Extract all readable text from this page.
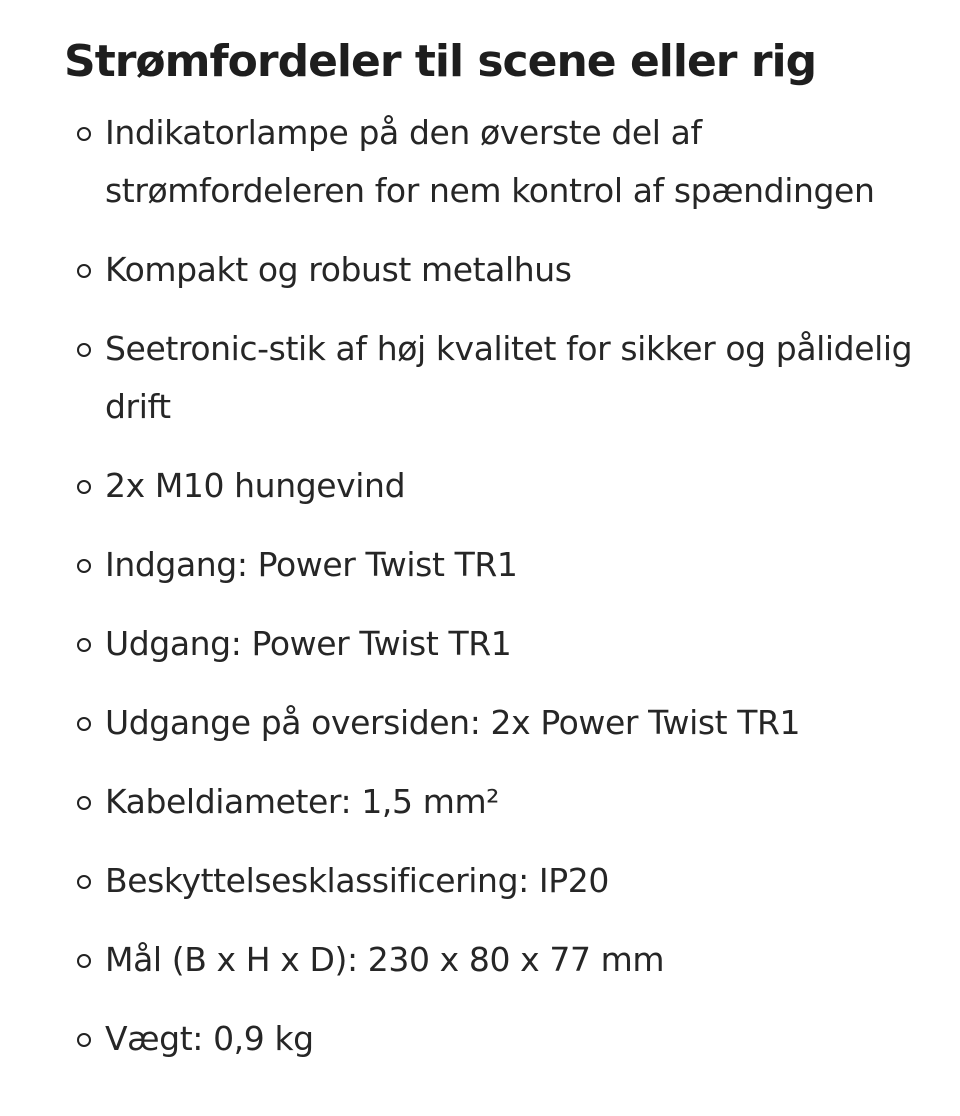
Strømfordeler til scene eller rig
Indikatorlampe på den øverste del af strømfordeleren for nem kontrol af spændingen
Kompakt og robust metalhus
Seetronic-stik af høj kvalitet for sikker og pålidelig drift
2x M10 hungevind
Indgang: Power Twist TR1
Udgang: Power Twist TR1
Udgange på oversiden: 2x Power Twist TR1
Kabeldiameter: 1,5 mm²
Beskyttelsesklassificering: IP20
Mål (B x H x D): 230 x 80 x 77 mm
Vægt: 0,9 kg
